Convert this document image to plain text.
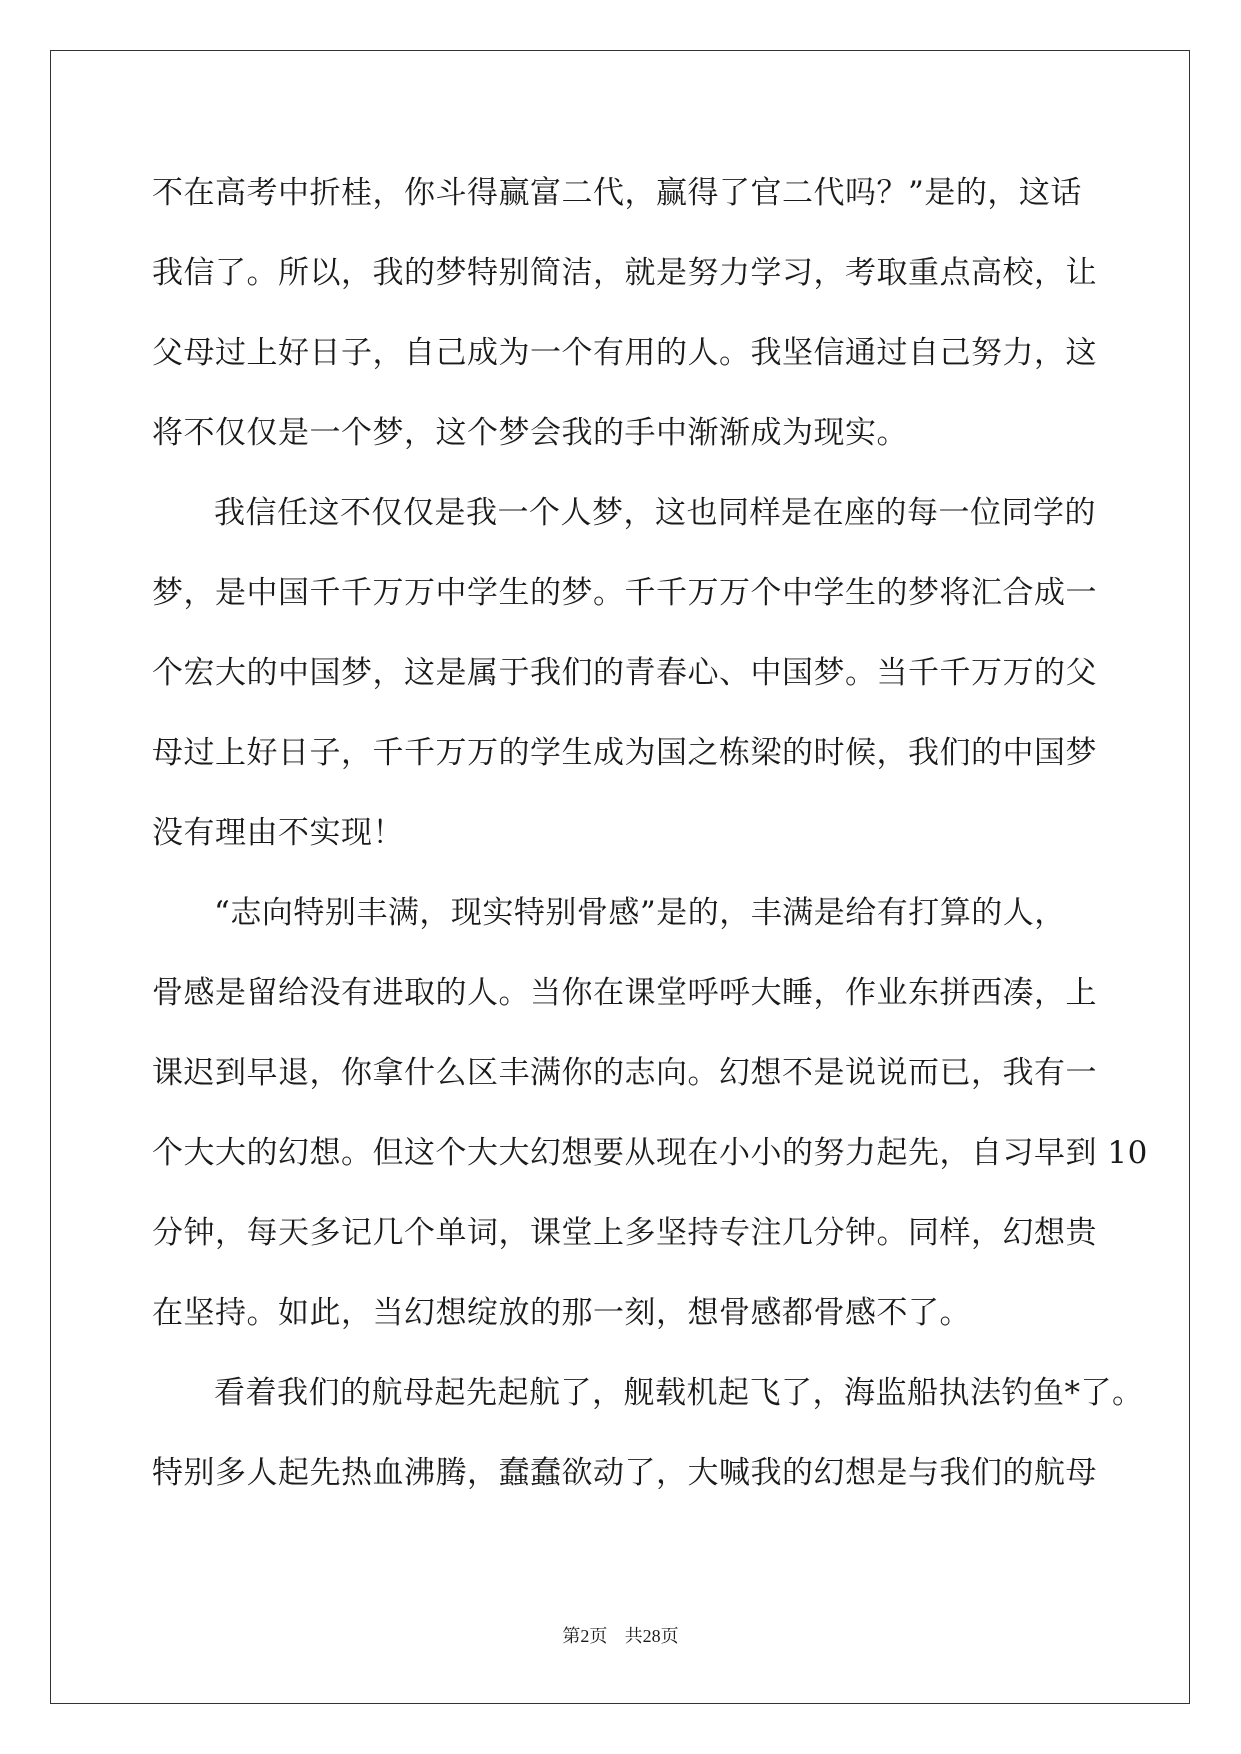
不在高考中折桂，你斗得赢富二代，赢得了官二代吗？”是的，这话
我信了。所以，我的梦特别简洁，就是努力学习，考取重点高校，让
父母过上好日子，自己成为一个有用的人。我坚信通过自己努力，这
将不仅仅是一个梦，这个梦会我的手中渐渐成为现实。
我信任这不仅仅是我一个人梦，这也同样是在座的每一位同学的
梦，是中国千千万万中学生的梦。千千万万个中学生的梦将汇合成一
个宏大的中国梦，这是属于我们的青春心、中国梦。当千千万万的父
母过上好日子，千千万万的学生成为国之栋梁的时候，我们的中国梦
没有理由不实现！
“志向特别丰满，现实特别骨感”是的，丰满是给有打算的人，
骨感是留给没有进取的人。当你在课堂呼呼大睡，作业东拼西凑，上
课迟到早退，你拿什么区丰满你的志向。幻想不是说说而已，我有一
个大大的幻想。但这个大大幻想要从现在小小的努力起先，自习早到 10
分钟，每天多记几个单词，课堂上多坚持专注几分钟。同样，幻想贵
在坚持。如此，当幻想绽放的那一刻，想骨感都骨感不了。
看着我们的航母起先起航了，舰载机起飞了，海监船执法钓鱼*了。
特别多人起先热血沸腾，蠢蠢欲动了，大喊我的幻想是与我们的航母
第2页 共28页
